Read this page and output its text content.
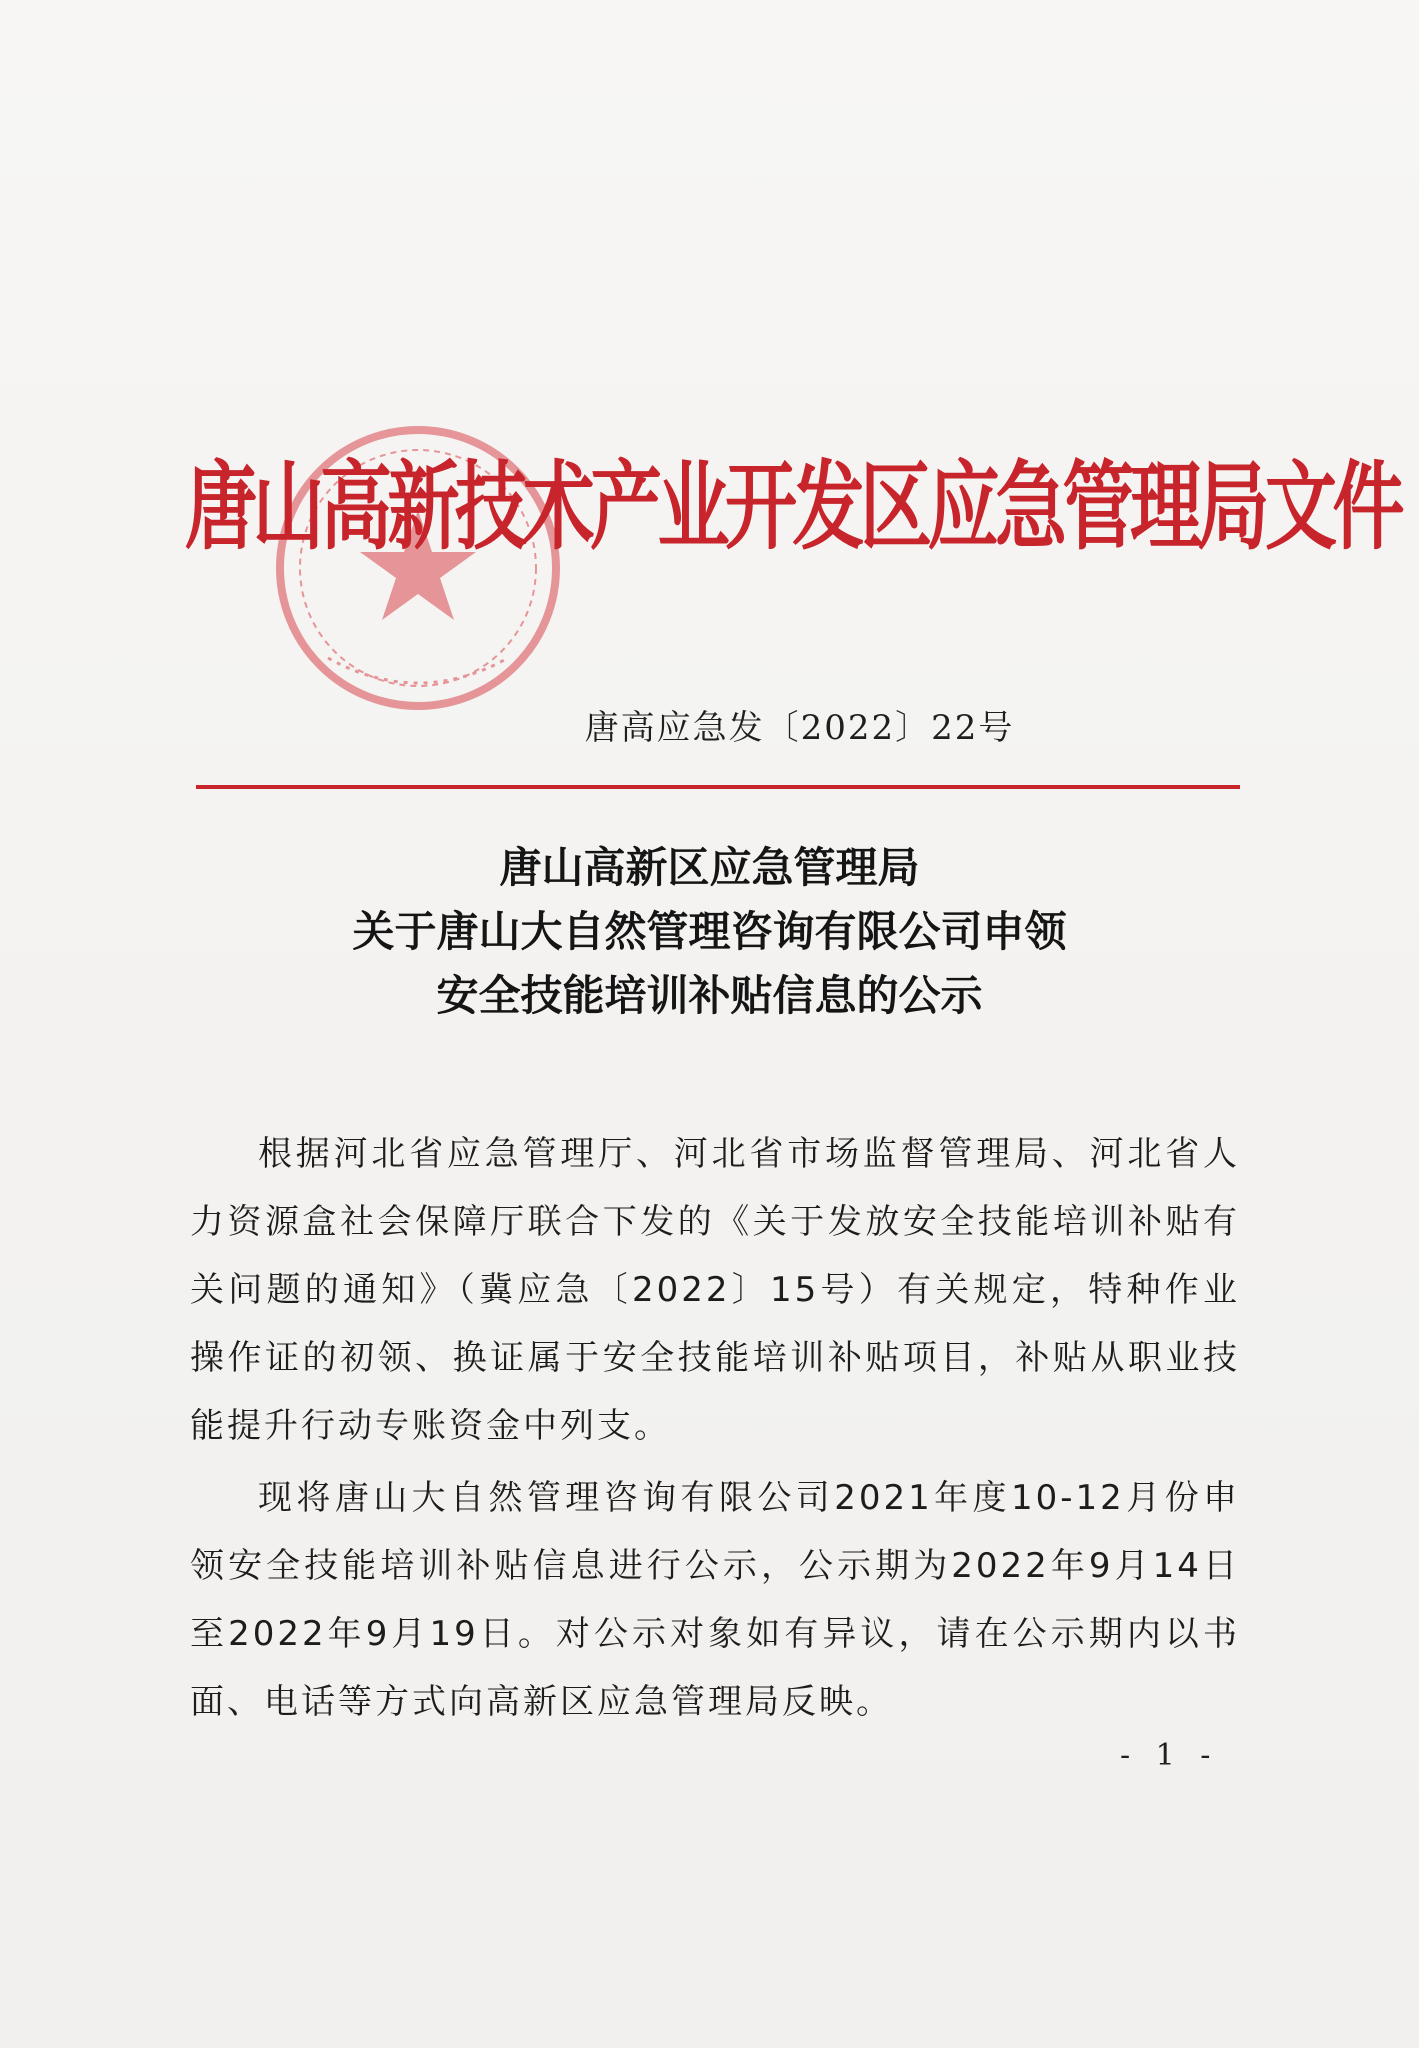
唐山高新技术产业开发区应急管理局文件
唐高应急发〔2022〕22号
唐山高新区应急管理局
关于唐山大自然管理咨询有限公司申领
安全技能培训补贴信息的公示

根据河北省应急管理厅、河北省市场监督管理局、河北省人力资源盒社会保障厅联合下发的《关于发放安全技能培训补贴有关问题的通知》（冀应急〔2022〕15号）有关规定，特种作业操作证的初领、换证属于安全技能培训补贴项目，补贴从职业技能提升行动专账资金中列支。

现将唐山大自然管理咨询有限公司2021年度10-12月份申领安全技能培训补贴信息进行公示，公示期为2022年9月14日至2022年9月19日。对公示对象如有异议，请在公示期内以书面、电话等方式向高新区应急管理局反映。

- 1 -
